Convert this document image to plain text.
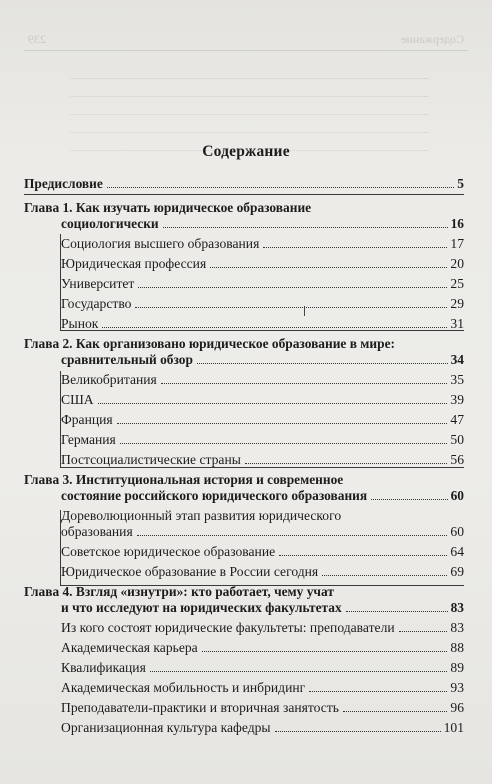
Содержание
239
Содержание
Предисловие	5
Глава 1. Как изучать юридическое образование
социологически	16
Социология высшего образования	17
Юридическая профессия	20
Университет	25
Государство	29
Рынок	31
Глава 2. Как организовано юридическое образование в мире:
сравнительный обзор	34
Великобритания	35
США	39
Франция	47
Германия	50
Постсоциалистические страны	56
Глава 3. Институциональная история и современное
состояние российского юридического образования	60
Дореволюционный этап развития юридического
образования	60
Советское юридическое образование	64
Юридическое образование в России сегодня	69
Глава 4. Взгляд «изнутри»: кто работает, чему учат
и что исследуют на юридических факультетах	83
Из кого состоят юридические факультеты: преподаватели	83
Академическая карьера	88
Квалификация	89
Академическая мобильность и инбридинг	93
Преподаватели-практики и вторичная занятость	96
Организационная культура кафедры	101
